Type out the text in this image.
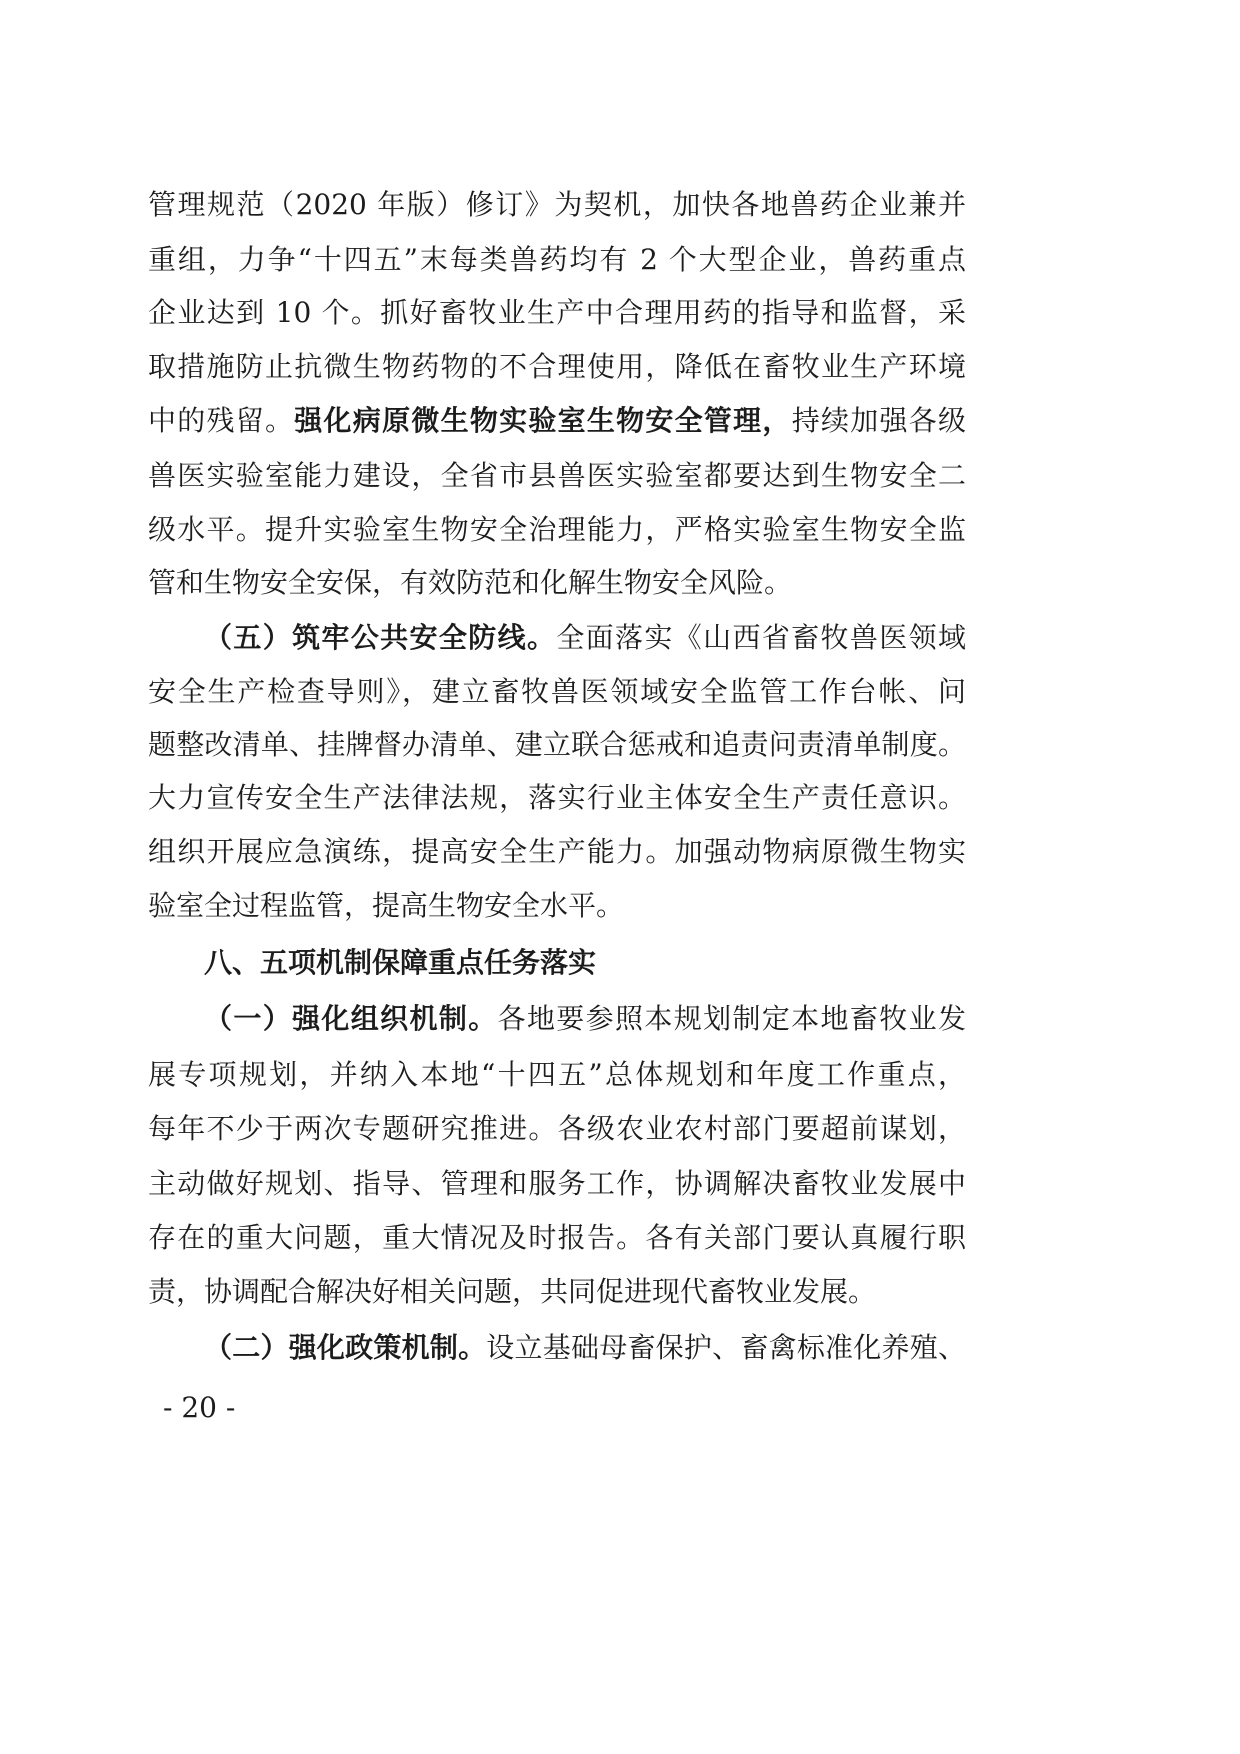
管理规范（2020 年版）修订》为契机，加快各地兽药企业兼并
重组，力争“十四五”末每类兽药均有 2 个大型企业，兽药重点
企业达到 10 个。抓好畜牧业生产中合理用药的指导和监督，采
取措施防止抗微生物药物的不合理使用，降低在畜牧业生产环境
中的残留。强化病原微生物实验室生物安全管理，持续加强各级
兽医实验室能力建设，全省市县兽医实验室都要达到生物安全二
级水平。提升实验室生物安全治理能力，严格实验室生物安全监
管和生物安全安保，有效防范和化解生物安全风险。
（五）筑牢公共安全防线。全面落实《山西省畜牧兽医领域
安全生产检查导则》，建立畜牧兽医领域安全监管工作台帐、问
题整改清单、挂牌督办清单、建立联合惩戒和追责问责清单制度。
大力宣传安全生产法律法规，落实行业主体安全生产责任意识。
组织开展应急演练，提高安全生产能力。加强动物病原微生物实
验室全过程监管，提高生物安全水平。
八、五项机制保障重点任务落实
（一）强化组织机制。各地要参照本规划制定本地畜牧业发
展专项规划，并纳入本地“十四五”总体规划和年度工作重点，
每年不少于两次专题研究推进。各级农业农村部门要超前谋划，
主动做好规划、指导、管理和服务工作，协调解决畜牧业发展中
存在的重大问题，重大情况及时报告。各有关部门要认真履行职
责，协调配合解决好相关问题，共同促进现代畜牧业发展。
（二）强化政策机制。设立基础母畜保护、畜禽标准化养殖、
- 20 -
